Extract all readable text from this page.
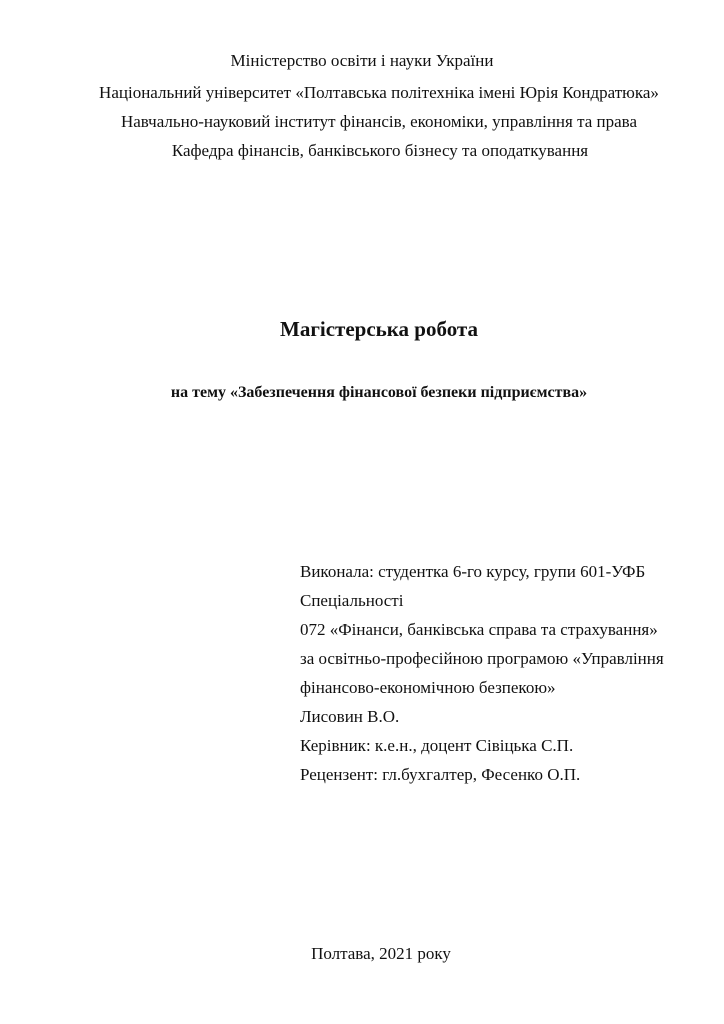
Міністерство освіти і науки України
Національний університет «Полтавська політехніка імені Юрія Кондратюка»
Навчально-науковий інститут фінансів, економіки, управління та права
Кафедра фінансів, банківського бізнесу та оподаткування
Магістерська робота
на тему «Забезпечення фінансової безпеки підприємства»
Виконала: студентка 6-го курсу, групи 601-УФБ
Спеціальності
072 «Фінанси, банківська справа та страхування»
за освітньо-професійною програмою «Управління
фінансово-економічною безпекою»
Лисовин В.О.
Керівник: к.е.н., доцент Сівіцька С.П.
Рецензент: гл.бухгалтер, Фесенко О.П.
Полтава, 2021 року
